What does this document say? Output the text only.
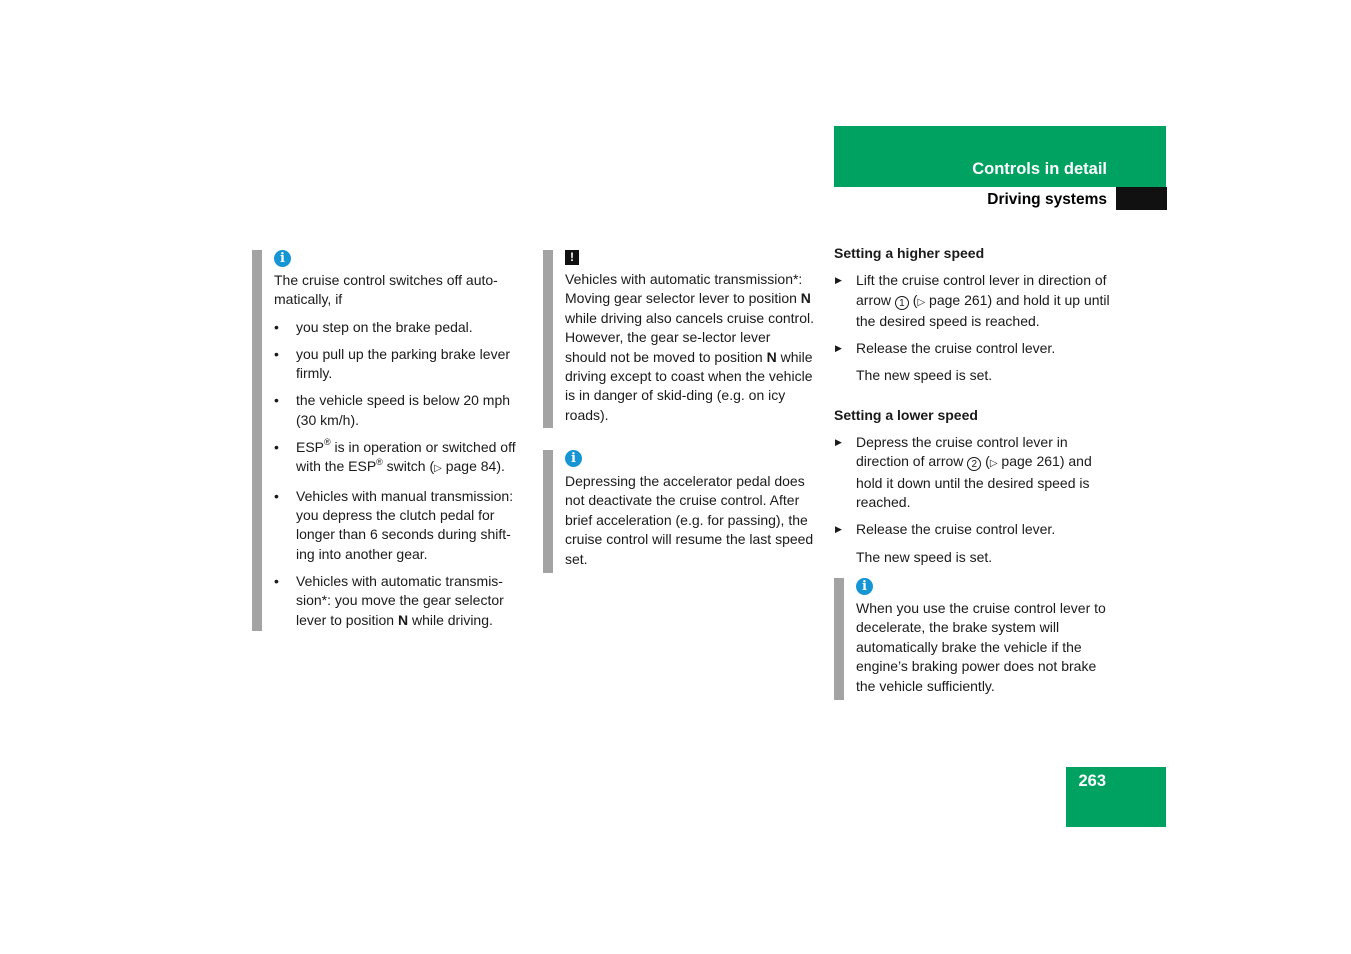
Controls in detail
Driving systems
i

The cruise control switches off auto-matically, if

• you step on the brake pedal.
• you pull up the parking brake lever firmly.
• the vehicle speed is below 20 mph (30 km/h).
• ESP® is in operation or switched off with the ESP® switch (▷ page 84).
• Vehicles with manual transmission: you depress the clutch pedal for longer than 6 seconds during shift-ing into another gear.
• Vehicles with automatic transmis-sion*: you move the gear selector lever to position N while driving.
!

Vehicles with automatic transmission*: Moving gear selector lever to position N while driving also cancels cruise control. However, the gear se-lector lever should not be moved to position N while driving except to coast when the vehicle is in danger of skid-ding (e.g. on icy roads).

i

Depressing the accelerator pedal does not deactivate the cruise control. After brief acceleration (e.g. for passing), the cruise control will resume the last speed set.

Setting a higher speed
▶ Lift the cruise control lever in direction of arrow 1 (▷ page 261) and hold it up until the desired speed is reached.
▶ Release the cruise control lever.
The new speed is set.
Setting a lower speed
▶ Depress the cruise control lever in direction of arrow 2 (▷ page 261) and hold it down until the desired speed is reached.
▶ Release the cruise control lever.
The new speed is set.
i

When you use the cruise control lever to decelerate, the brake system will automatically brake the vehicle if the engine’s braking power does not brake the vehicle sufficiently.

263
